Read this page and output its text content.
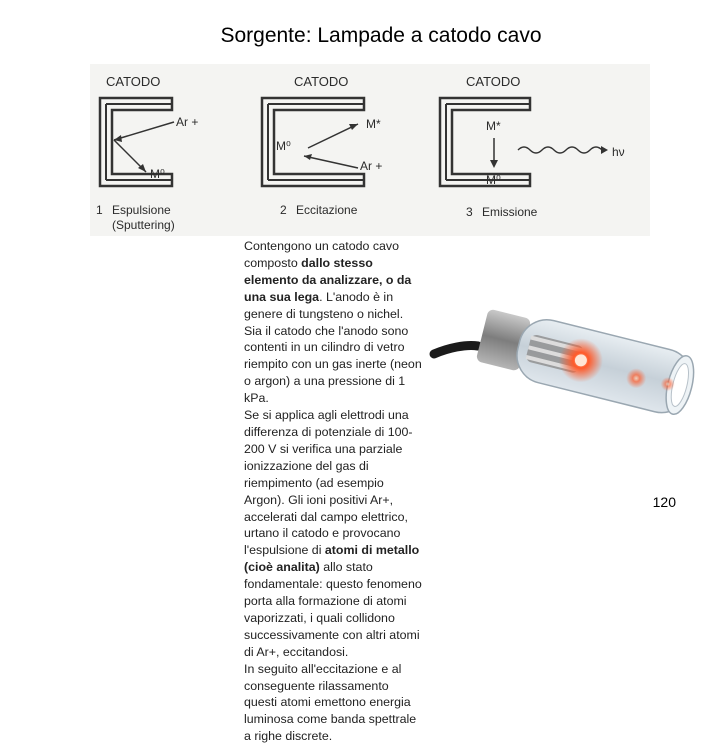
Sorgente: Lampade a catodo cavo
CATODO
Ar +
M⁰
1 Espulsione
(Sputtering)
CATODO
M*
M⁰
Ar +
2 Eccitazione
CATODO
M*
M⁰
hν
3 Emissione
Contengono un catodo cavo composto dallo stesso elemento da analizzare, o da una sua lega. L'anodo è in genere di tungsteno o nichel. Sia il catodo che l'anodo sono contenti in un cilindro di vetro riempito con un gas inerte (neon o argon) a una pressione di 1 kPa.
Se si applica agli elettrodi una differenza di potenziale di 100-200 V si verifica una parziale ionizzazione del gas di riempimento (ad esempio Argon). Gli ioni positivi Ar+, accelerati dal campo elettrico, urtano il catodo e provocano l'espulsione di atomi di metallo (cioè analita) allo stato fondamentale: questo fenomeno porta alla formazione di atomi vaporizzati, i quali collidono successivamente con altri atomi di Ar+, eccitandosi.
In seguito all'eccitazione e al conseguente rilassamento questi atomi emettono energia luminosa come banda spettrale a righe discrete.
120
